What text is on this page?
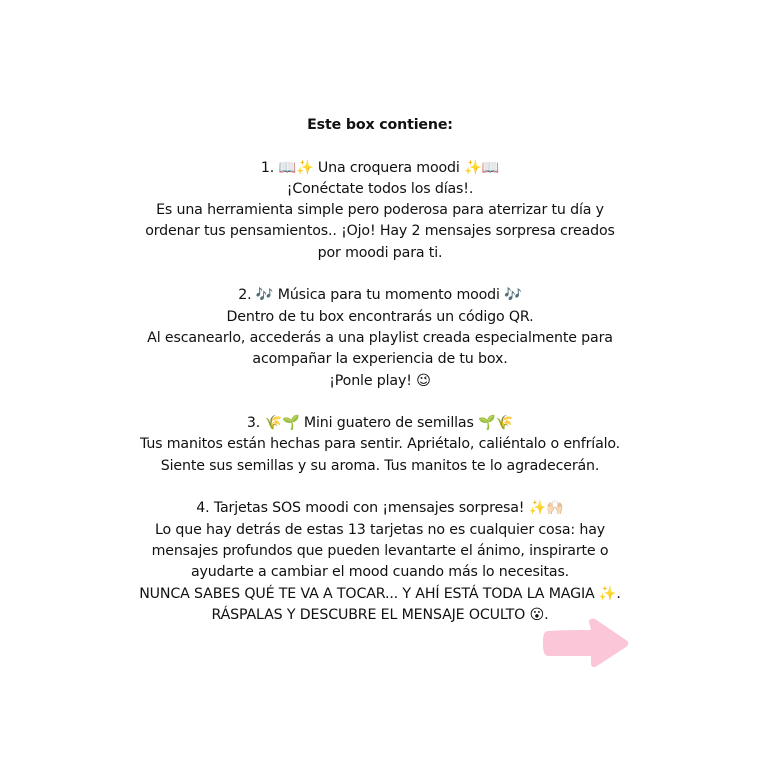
Este box contiene:
1. 📖✨ Una croquera moodi ✨📖
¡Conéctate todos los días!.
Es una herramienta simple pero poderosa para aterrizar tu día y
ordenar tus pensamientos.. ¡Ojo! Hay 2 mensajes sorpresa creados
por moodi para ti.
2. 🎶 Música para tu momento moodi 🎶
Dentro de tu box encontrarás un código QR.
Al escanearlo, accederás a una playlist creada especialmente para
acompañar la experiencia de tu box.
¡Ponle play! 😉
3. 🌾🌱 Mini guatero de semillas 🌱🌾
Tus manitos están hechas para sentir. Apriétalo, caliéntalo o enfríalo.
Siente sus semillas y su aroma. Tus manitos te lo agradecerán.
4. Tarjetas SOS moodi con ¡mensajes sorpresa! ✨🙌🏻
Lo que hay detrás de estas 13 tarjetas no es cualquier cosa: hay
mensajes profundos que pueden levantarte el ánimo, inspirarte o
ayudarte a cambiar el mood cuando más lo necesitas.
NUNCA SABES QUÉ TE VA A TOCAR... Y AHÍ ESTÁ TODA LA MAGIA ✨.
RÁSPALAS Y DESCUBRE EL MENSAJE OCULTO 😮.
